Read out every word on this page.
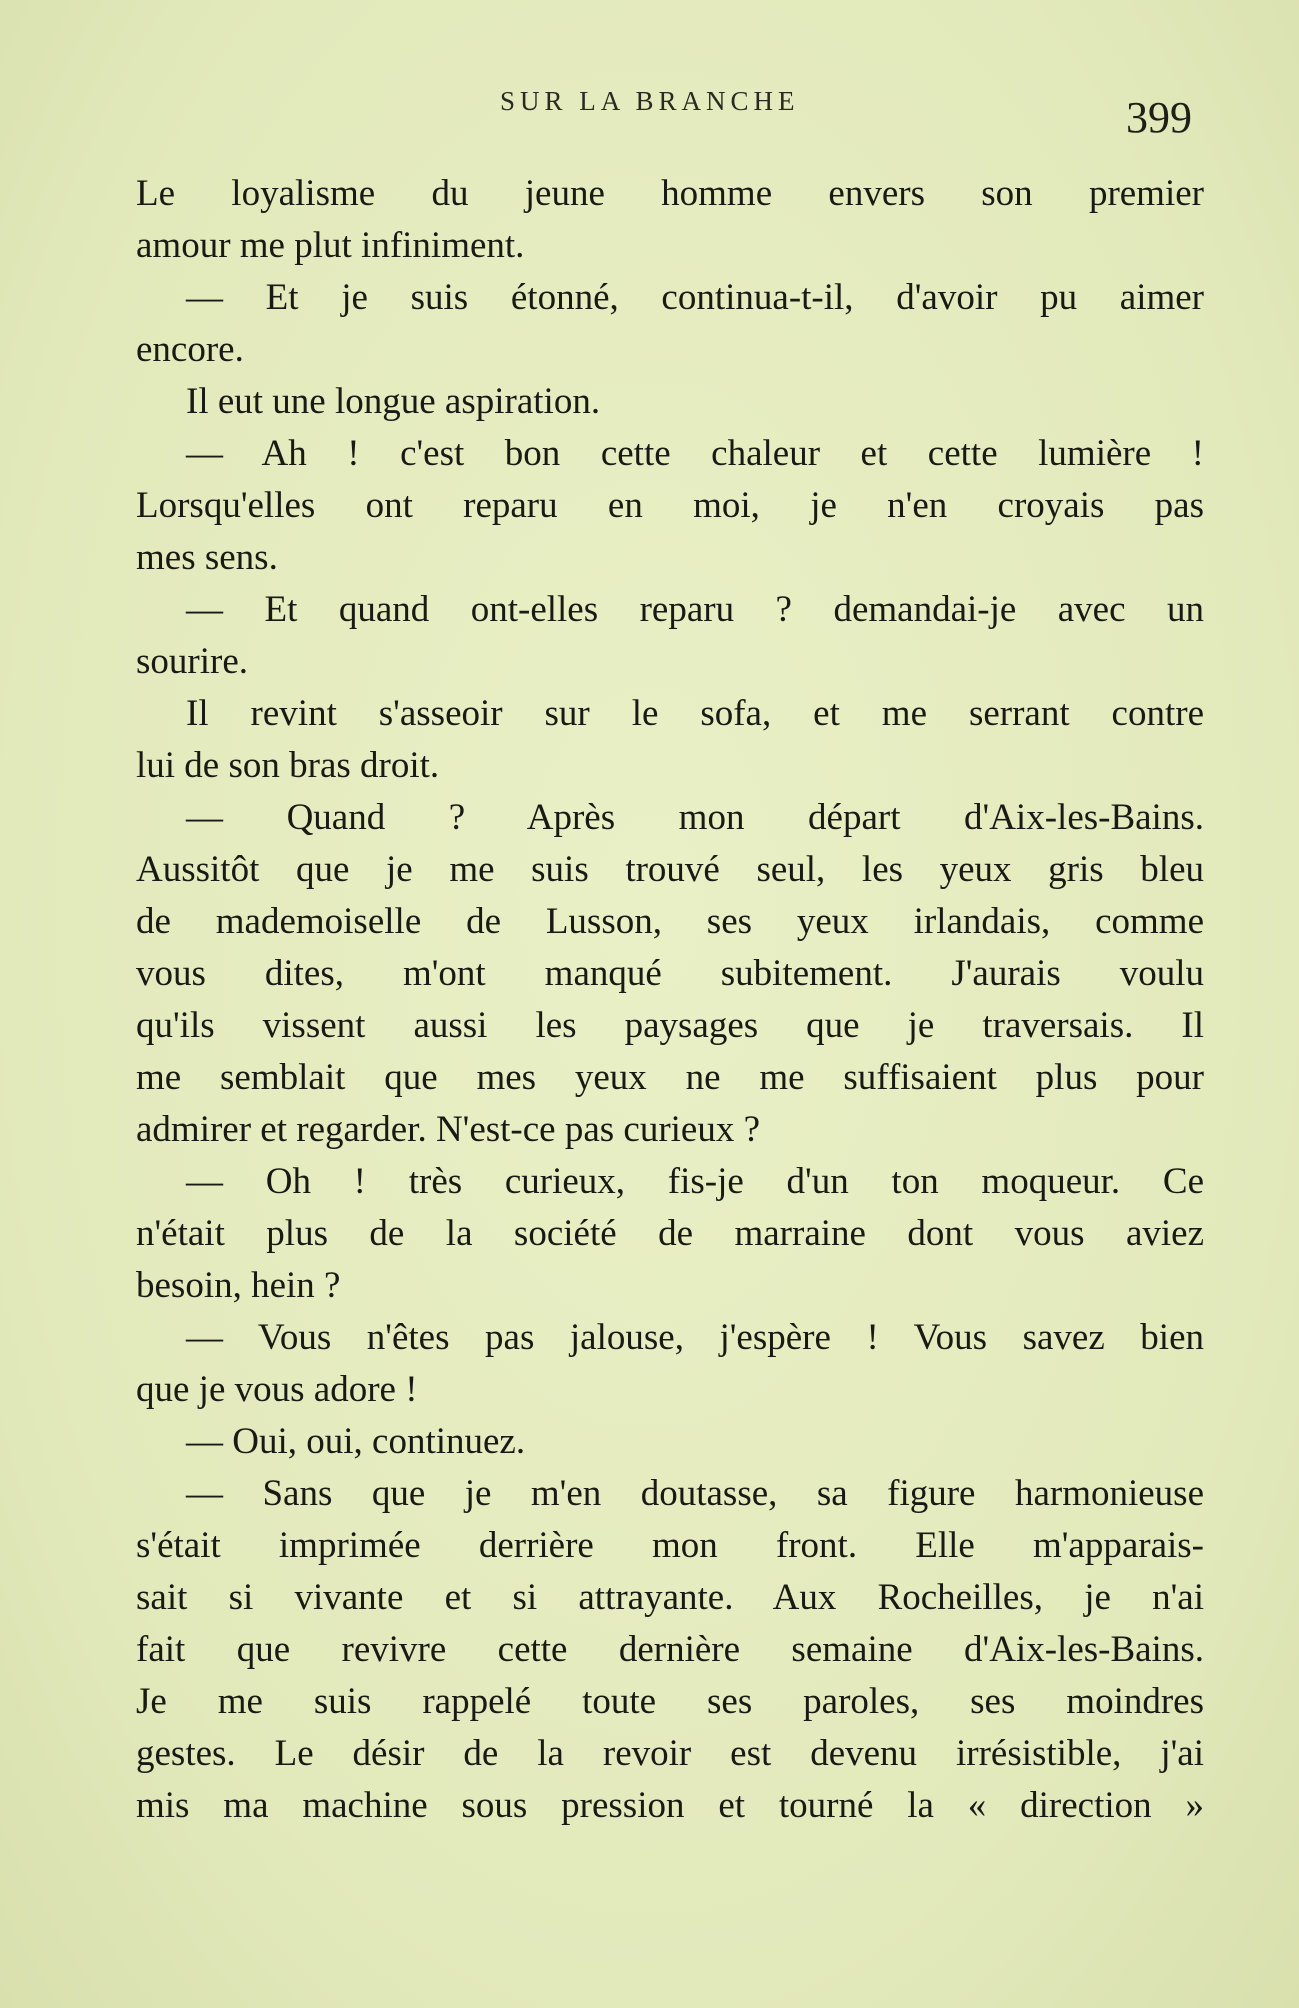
SUR LA BRANCHE	399
Le loyalisme du jeune homme envers son premier
amour me plut infiniment.
— Et je suis étonné, continua-t-il, d'avoir pu aimer
encore.
Il eut une longue aspiration.
— Ah ! c'est bon cette chaleur et cette lumière !
Lorsqu'elles ont reparu en moi, je n'en croyais pas
mes sens.
— Et quand ont-elles reparu ? demandai-je avec un
sourire.
Il revint s'asseoir sur le sofa, et me serrant contre
lui de son bras droit.
— Quand ? Après mon départ d'Aix-les-Bains.
Aussitôt que je me suis trouvé seul, les yeux gris bleu
de mademoiselle de Lusson, ses yeux irlandais, comme
vous dites, m'ont manqué subitement. J'aurais voulu
qu'ils vissent aussi les paysages que je traversais. Il
me semblait que mes yeux ne me suffisaient plus pour
admirer et regarder. N'est-ce pas curieux ?
— Oh ! très curieux, fis-je d'un ton moqueur. Ce
n'était plus de la société de marraine dont vous aviez
besoin, hein ?
— Vous n'êtes pas jalouse, j'espère ! Vous savez bien
que je vous adore !
— Oui, oui, continuez.
— Sans que je m'en doutasse, sa figure harmonieuse
s'était imprimée derrière mon front. Elle m'apparais-
sait si vivante et si attrayante. Aux Rocheilles, je n'ai
fait que revivre cette dernière semaine d'Aix-les-Bains.
Je me suis rappelé toute ses paroles, ses moindres
gestes. Le désir de la revoir est devenu irrésistible, j'ai
mis ma machine sous pression et tourné la « direction »
